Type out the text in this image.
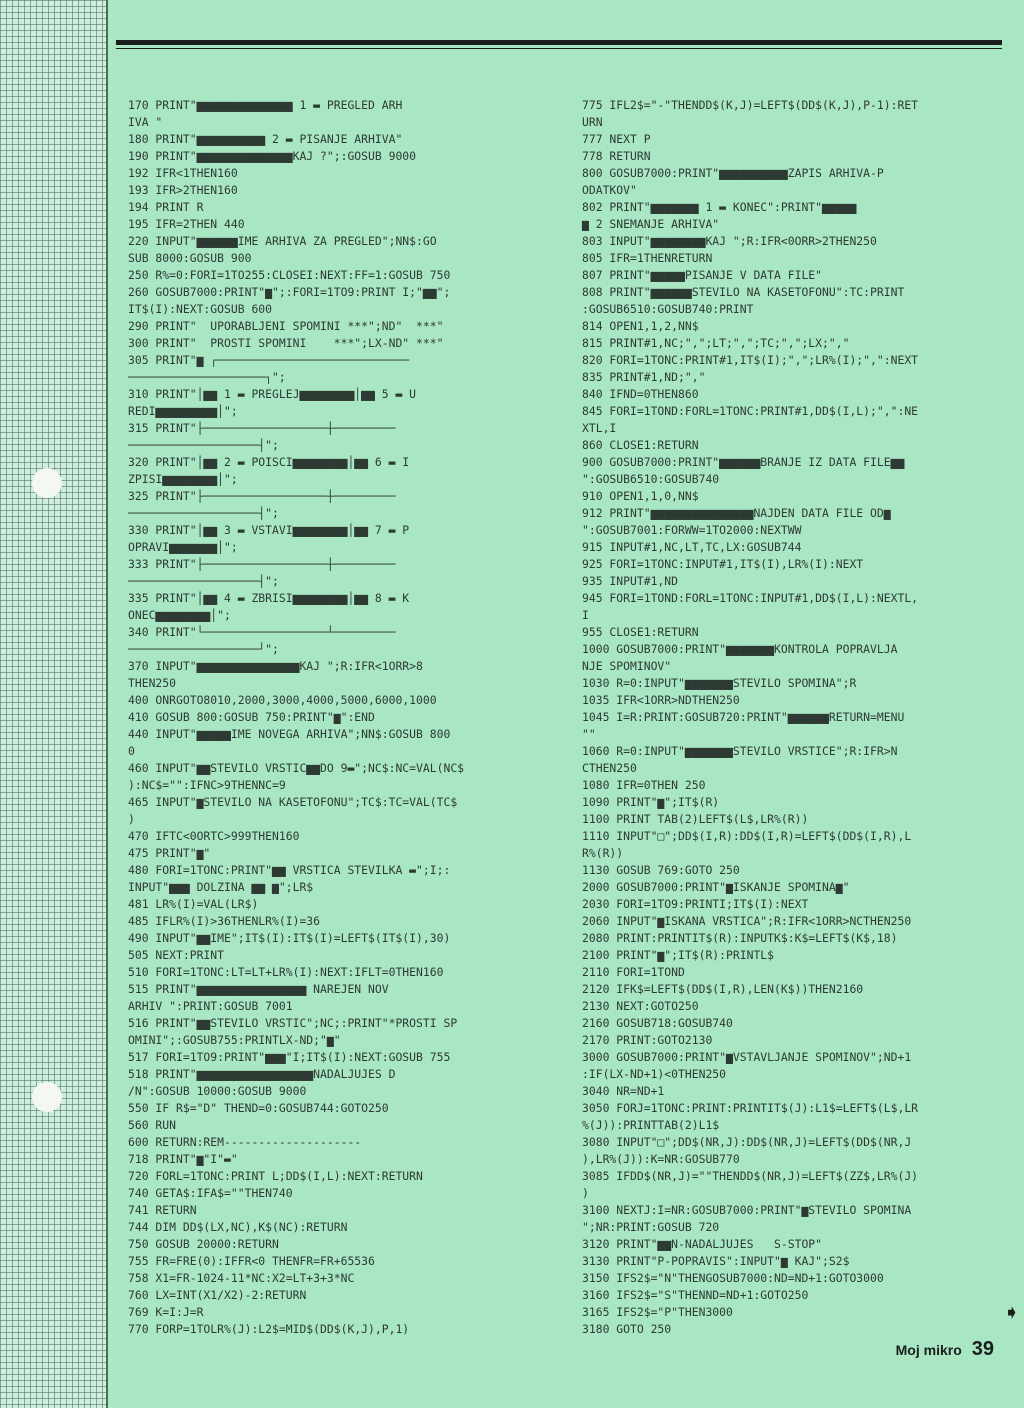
170 PRINT"▆▆▆▆▆▆▆▆▆▆▆▆▆▆ 1 ▬ PREGLED ARH
IVA "
180 PRINT"▆▆▆▆▆▆▆▆▆▆ 2 ▬ PISANJE ARHIVA"
190 PRINT"▆▆▆▆▆▆▆▆▆▆▆▆▆▆KAJ ?";:GOSUB 9000
192 IFR<1THEN160
193 IFR>2THEN160
194 PRINT R
195 IFR=2THEN 440
220 INPUT"▆▆▆▆▆▆IME ARHIVA ZA PREGLED";NN$:GO
SUB 8000:GOSUB 900
250 R%=0:FORI=1TO255:CLOSEI:NEXT:FF=1:GOSUB 750
260 GOSUB7000:PRINT"▆";:FORI=1TO9:PRINT I;"▆▆";
IT$(I):NEXT:GOSUB 600
290 PRINT"  UPORABLJENI SPOMINI ***";ND"  ***"
300 PRINT"  PROSTI SPOMINI    ***";LX-ND" ***"
305 PRINT"▆ ┌────────────────────────────
────────────────────┐";
310 PRINT"│▆▆ 1 ▬ PREGLEJ▆▆▆▆▆▆▆▆│▆▆ 5 ▬ U
REDI▆▆▆▆▆▆▆▆▆│";
315 PRINT"├──────────────────┼─────────
───────────────────┤";
320 PRINT"│▆▆ 2 ▬ POISCI▆▆▆▆▆▆▆▆│▆▆ 6 ▬ I
ZPISI▆▆▆▆▆▆▆▆│";
325 PRINT"├──────────────────┼─────────
───────────────────┤";
330 PRINT"│▆▆ 3 ▬ VSTAVI▆▆▆▆▆▆▆▆│▆▆ 7 ▬ P
OPRAVI▆▆▆▆▆▆▆│";
333 PRINT"├──────────────────┼─────────
───────────────────┤";
335 PRINT"│▆▆ 4 ▬ ZBRISI▆▆▆▆▆▆▆▆│▆▆ 8 ▬ K
ONEC▆▆▆▆▆▆▆▆│";
340 PRINT"└──────────────────┴─────────
───────────────────┘";
370 INPUT"▆▆▆▆▆▆▆▆▆▆▆▆▆▆▆KAJ ";R:IFR<1ORR>8
THEN250
400 ONRGOTO8010,2000,3000,4000,5000,6000,1000
410 GOSUB 800:GOSUB 750:PRINT"▆":END
440 INPUT"▆▆▆▆▆IME NOVEGA ARHIVA";NN$:GOSUB 800
0
460 INPUT"▆▆STEVILO VRSTIC▆▆DO 9▬";NC$:NC=VAL(NC$
):NC$="":IFNC>9THENNC=9
465 INPUT"▆STEVILO NA KASETOFONU";TC$:TC=VAL(TC$
)
470 IFTC<0ORTC>999THEN160
475 PRINT"▆"
480 FORI=1TONC:PRINT"▆▆ VRSTICA STEVILKA ▬";I;:
INPUT"▆▆▆ DOLZINA ▆▆ ▆";LR$
481 LR%(I)=VAL(LR$)
485 IFLR%(I)>36THENLR%(I)=36
490 INPUT"▆▆IME";IT$(I):IT$(I)=LEFT$(IT$(I),30)
505 NEXT:PRINT
510 FORI=1TONC:LT=LT+LR%(I):NEXT:IFLT=0THEN160
515 PRINT"▆▆▆▆▆▆▆▆▆▆▆▆▆▆▆▆ NAREJEN NOV
ARHIV ":PRINT:GOSUB 7001
516 PRINT"▆▆STEVILO VRSTIC";NC;:PRINT"*PROSTI SP
OMINI";:GOSUB755:PRINTLX-ND;"▆"
517 FORI=1TO9:PRINT"▆▆▆"I;IT$(I):NEXT:GOSUB 755
518 PRINT"▆▆▆▆▆▆▆▆▆▆▆▆▆▆▆▆▆NADALJUJES D
/N":GOSUB 10000:GOSUB 9000
550 IF R$="D" THEND=0:GOSUB744:GOTO250
560 RUN
600 RETURN:REM--------------------
718 PRINT"▆"I"▬"
720 FORL=1TONC:PRINT L;DD$(I,L):NEXT:RETURN
740 GETA$:IFA$=""THEN740
741 RETURN
744 DIM DD$(LX,NC),K$(NC):RETURN
750 GOSUB 20000:RETURN
755 FR=FRE(0):IFFR<0 THENFR=FR+65536
758 X1=FR-1024-11*NC:X2=LT+3+3*NC
760 LX=INT(X1/X2)-2:RETURN
769 K=I:J=R
770 FORP=1TOLR%(J):L2$=MID$(DD$(K,J),P,1)
775 IFL2$="-"THENDD$(K,J)=LEFT$(DD$(K,J),P-1):RET
URN
777 NEXT P
778 RETURN
800 GOSUB7000:PRINT"▆▆▆▆▆▆▆▆▆▆ZAPIS ARHIVA-P
ODATKOV"
802 PRINT"▆▆▆▆▆▆▆ 1 ▬ KONEC":PRINT"▆▆▆▆▆
▆ 2 SNEMANJE ARHIVA"
803 INPUT"▆▆▆▆▆▆▆▆KAJ ";R:IFR<0ORR>2THEN250
805 IFR=1THENRETURN
807 PRINT"▆▆▆▆▆PISANJE V DATA FILE"
808 PRINT"▆▆▆▆▆▆STEVILO NA KASETOFONU":TC:PRINT
:GOSUB6510:GOSUB740:PRINT
814 OPEN1,1,2,NN$
815 PRINT#1,NC;",";LT;",";TC;",";LX;","
820 FORI=1TONC:PRINT#1,IT$(I);",";LR%(I);",":NEXT
835 PRINT#1,ND;","
840 IFND=0THEN860
845 FORI=1TOND:FORL=1TONC:PRINT#1,DD$(I,L);",":NE
XTL,I
860 CLOSE1:RETURN
900 GOSUB7000:PRINT"▆▆▆▆▆▆BRANJE IZ DATA FILE▆▆
":GOSUB6510:GOSUB740
910 OPEN1,1,0,NN$
912 PRINT"▆▆▆▆▆▆▆▆▆▆▆▆▆▆▆NAJDEN DATA FILE OD▆
":GOSUB7001:FORWW=1TO2000:NEXTWW
915 INPUT#1,NC,LT,TC,LX:GOSUB744
925 FORI=1TONC:INPUT#1,IT$(I),LR%(I):NEXT
935 INPUT#1,ND
945 FORI=1TOND:FORL=1TONC:INPUT#1,DD$(I,L):NEXTL,
I
955 CLOSE1:RETURN
1000 GOSUB7000:PRINT"▆▆▆▆▆▆▆KONTROLA POPRAVLJA
NJE SPOMINOV"
1030 R=0:INPUT"▆▆▆▆▆▆▆STEVILO SPOMINA";R
1035 IFR<1ORR>NDTHEN250
1045 I=R:PRINT:GOSUB720:PRINT"▆▆▆▆▆▆RETURN=MENU
""
1060 R=0:INPUT"▆▆▆▆▆▆▆STEVILO VRSTICE";R:IFR>N
CTHEN250
1080 IFR=0THEN 250
1090 PRINT"▆";IT$(R)
1100 PRINT TAB(2)LEFT$(L$,LR%(R))
1110 INPUT"□";DD$(I,R):DD$(I,R)=LEFT$(DD$(I,R),L
R%(R))
1130 GOSUB 769:GOTO 250
2000 GOSUB7000:PRINT"▆ISKANJE SPOMINA▆"
2030 FORI=1TO9:PRINTI;IT$(I):NEXT
2060 INPUT"▆ISKANA VRSTICA";R:IFR<1ORR>NCTHEN250
2080 PRINT:PRINTIT$(R):INPUTK$:K$=LEFT$(K$,18)
2100 PRINT"▆";IT$(R):PRINTL$
2110 FORI=1TOND
2120 IFK$=LEFT$(DD$(I,R),LEN(K$))THEN2160
2130 NEXT:GOTO250
2160 GOSUB718:GOSUB740
2170 PRINT:GOTO2130
3000 GOSUB7000:PRINT"▆VSTAVLJANJE SPOMINOV";ND+1
:IF(LX-ND+1)<0THEN250
3040 NR=ND+1
3050 FORJ=1TONC:PRINT:PRINTIT$(J):L1$=LEFT$(L$,LR
%(J)):PRINTTAB(2)L1$
3080 INPUT"□";DD$(NR,J):DD$(NR,J)=LEFT$(DD$(NR,J
),LR%(J)):K=NR:GOSUB770
3085 IFDD$(NR,J)=""THENDD$(NR,J)=LEFT$(ZZ$,LR%(J)
)
3100 NEXTJ:I=NR:GOSUB7000:PRINT"▆STEVILO SPOMINA
";NR:PRINT:GOSUB 720
3120 PRINT"▆▆N-NADALJUJES   S-STOP"
3130 PRINT"P-POPRAVIS":INPUT"▆ KAJ";S2$
3150 IFS2$="N"THENGOSUB7000:ND=ND+1:GOTO3000
3160 IFS2$="S"THENND=ND+1:GOTO250
3165 IFS2$="P"THEN3000
3180 GOTO 250
➧
Moj mikro 39
